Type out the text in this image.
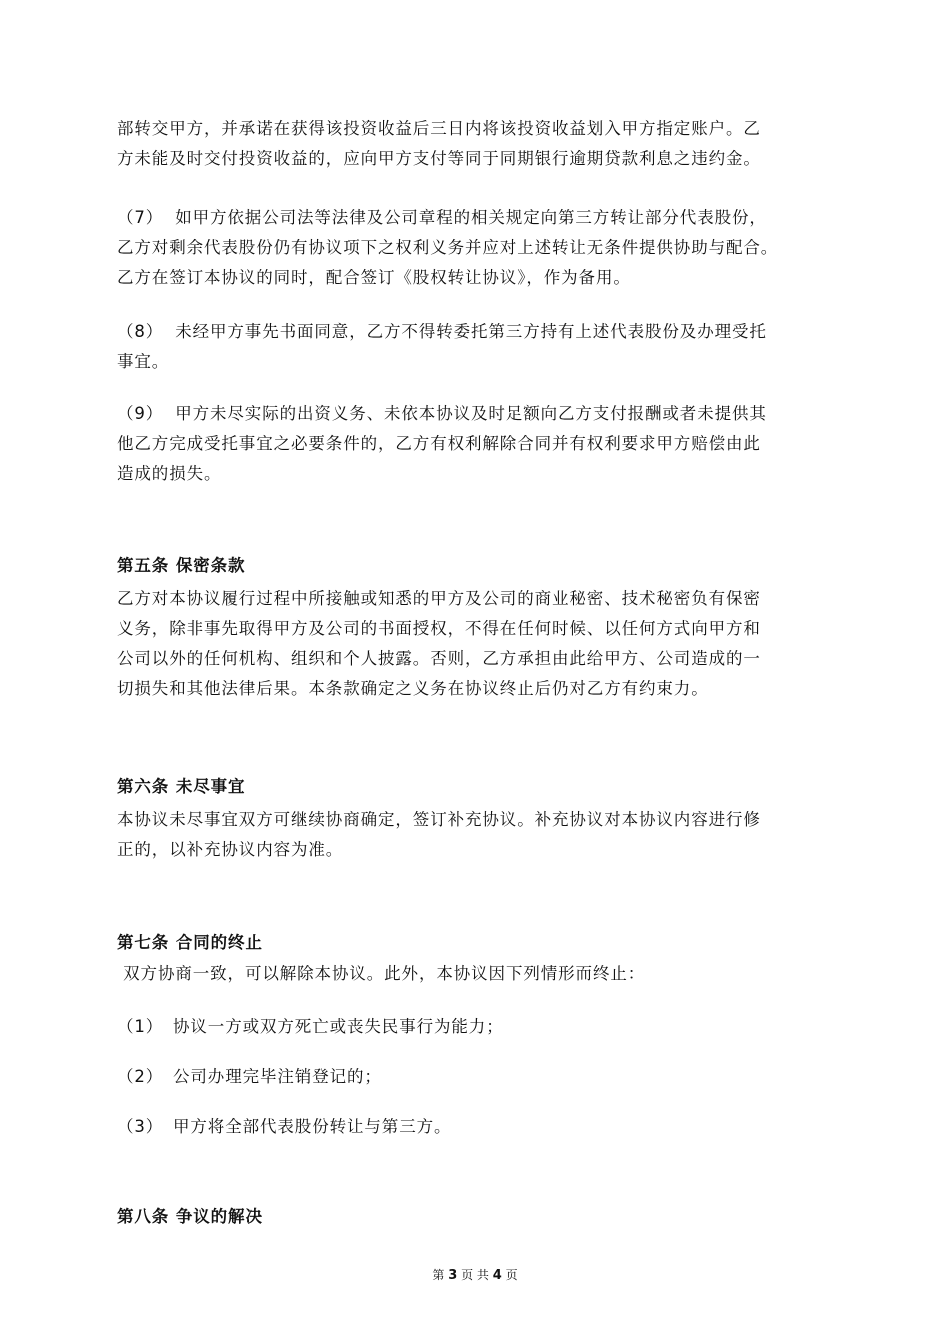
部转交甲方，并承诺在获得该投资收益后三日内将该投资收益划入甲方指定账户。乙
方未能及时交付投资收益的，应向甲方支付等同于同期银行逾期贷款利息之违约金。
（7） 如甲方依据公司法等法律及公司章程的相关规定向第三方转让部分代表股份，
乙方对剩余代表股份仍有协议项下之权利义务并应对上述转让无条件提供协助与配合。
乙方在签订本协议的同时，配合签订《股权转让协议》，作为备用。
（8） 未经甲方事先书面同意，乙方不得转委托第三方持有上述代表股份及办理受托
事宜。
（9） 甲方未尽实际的出资义务、未依本协议及时足额向乙方支付报酬或者未提供其
他乙方完成受托事宜之必要条件的，乙方有权利解除合同并有权利要求甲方赔偿由此
造成的损失。
第五条 保密条款
乙方对本协议履行过程中所接触或知悉的甲方及公司的商业秘密、技术秘密负有保密
义务，除非事先取得甲方及公司的书面授权，不得在任何时候、以任何方式向甲方和
公司以外的任何机构、组织和个人披露。否则，乙方承担由此给甲方、公司造成的一
切损失和其他法律后果。本条款确定之义务在协议终止后仍对乙方有约束力。
第六条 未尽事宜
本协议未尽事宜双方可继续协商确定，签订补充协议。补充协议对本协议内容进行修
正的，以补充协议内容为准。
第七条 合同的终止
双方协商一致，可以解除本协议。此外，本协议因下列情形而终止：
（1） 协议一方或双方死亡或丧失民事行为能力；
（2） 公司办理完毕注销登记的；
（3） 甲方将全部代表股份转让与第三方。
第八条 争议的解决
第 3 页 共 4 页
